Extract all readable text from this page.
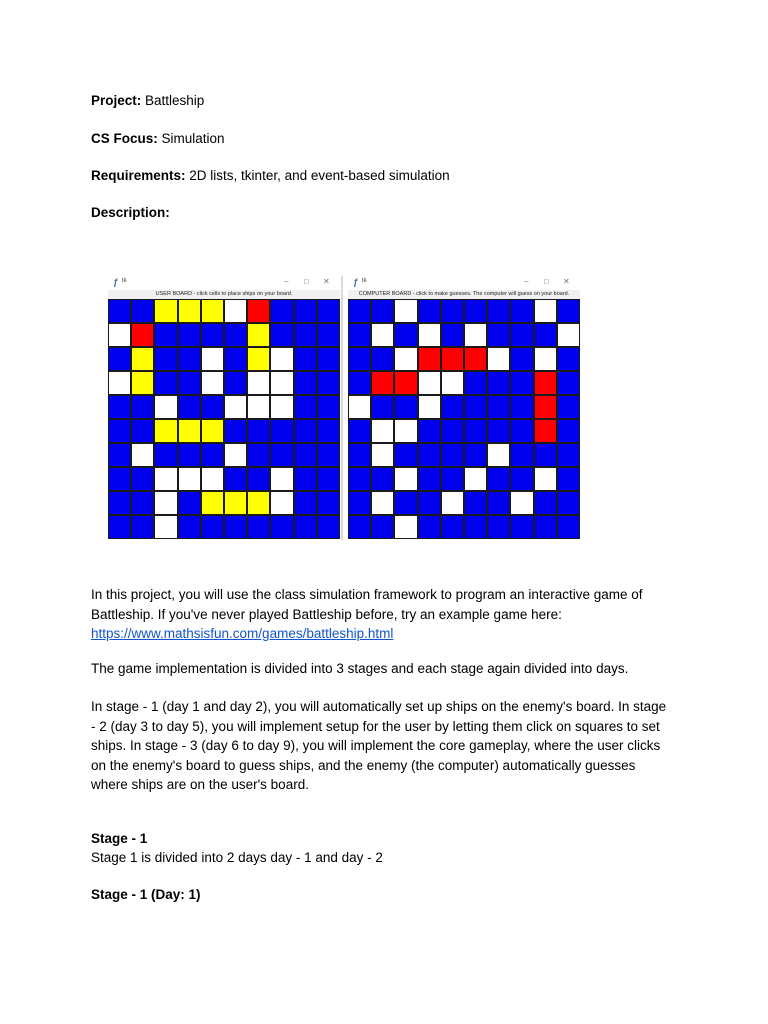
Project: Battleship
CS Focus: Simulation
Requirements: 2D lists, tkinter, and event-based simulation
Description:
ƒ tk	– □ ✕
USER BOARD - click cells to place ships on your board.
ƒ tk	– □ ✕
COMPUTER BOARD - click to make guesses. The computer will guess on your board.
In this project, you will use the class simulation framework to program an interactive game of Battleship. If you've never played Battleship before, try an example game here:
https://www.mathsisfun.com/games/battleship.html
The game implementation is divided into 3 stages and each stage again divided into days.
In stage - 1 (day 1 and day 2), you will automatically set up ships on the enemy's board. In stage - 2 (day 3 to day 5), you will implement setup for the user by letting them click on squares to set ships. In stage - 3 (day 6 to day 9), you will implement the core gameplay, where the user clicks on the enemy's board to guess ships, and the enemy (the computer) automatically guesses where ships are on the user's board.
Stage - 1
Stage 1 is divided into 2 days day - 1 and day - 2
Stage - 1 (Day: 1)
